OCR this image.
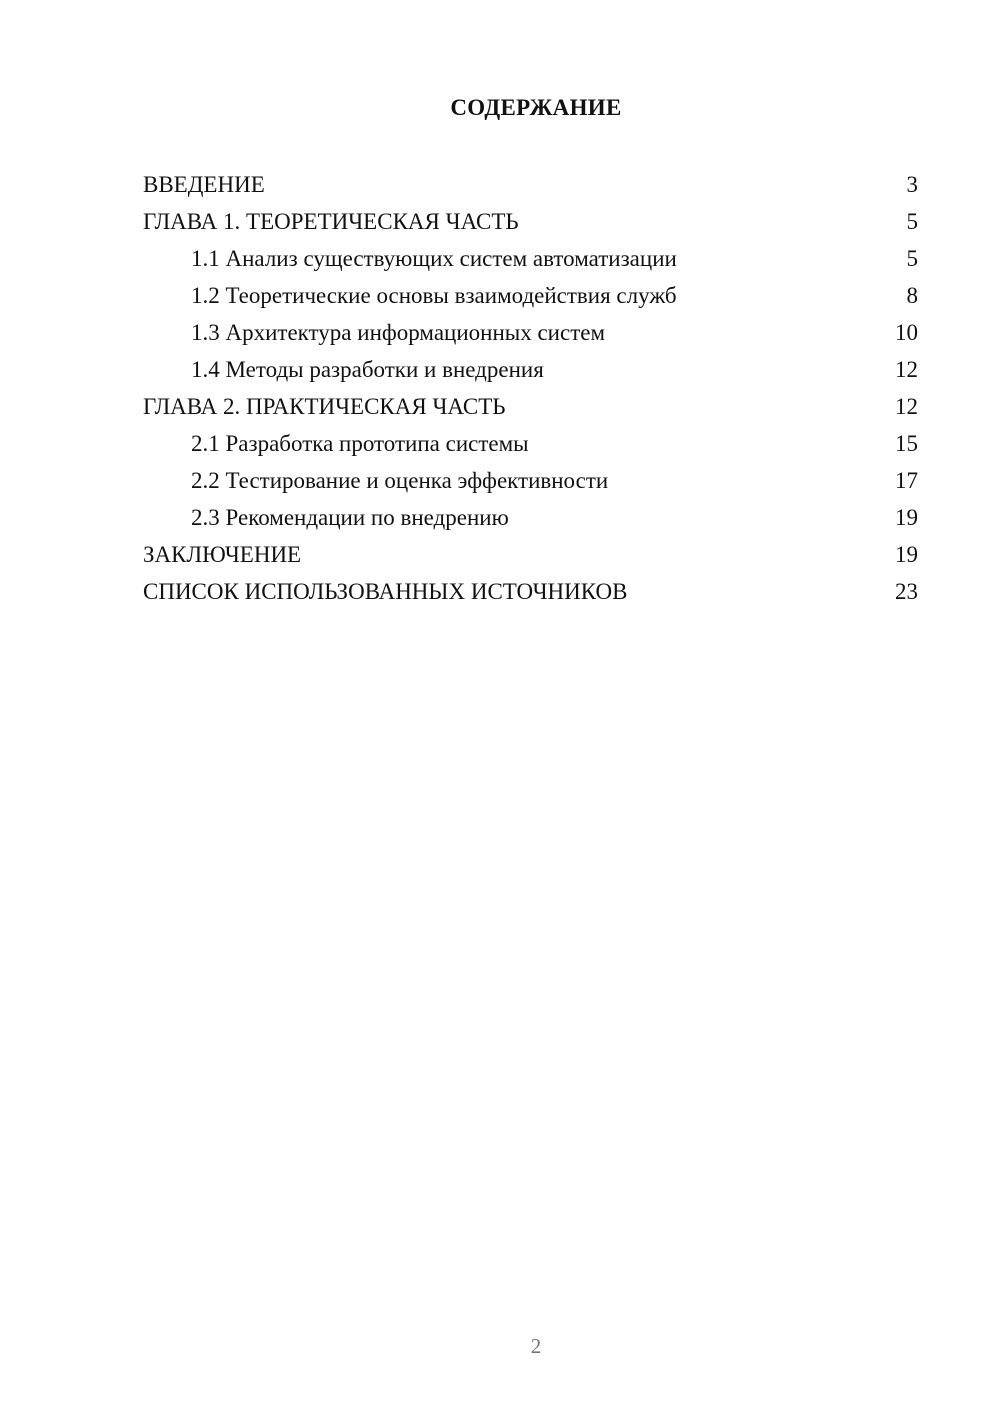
СОДЕРЖАНИЕ
ВВЕДЕНИЕ	3
ГЛАВА 1. ТЕОРЕТИЧЕСКАЯ ЧАСТЬ	5
1.1 Анализ существующих систем автоматизации	5
1.2 Теоретические основы взаимодействия служб	8
1.3 Архитектура информационных систем	10
1.4 Методы разработки и внедрения	12
ГЛАВА 2. ПРАКТИЧЕСКАЯ ЧАСТЬ	12
2.1 Разработка прототипа системы	15
2.2 Тестирование и оценка эффективности	17
2.3 Рекомендации по внедрению	19
ЗАКЛЮЧЕНИЕ	19
СПИСОК ИСПОЛЬЗОВАННЫХ ИСТОЧНИКОВ	23
2
